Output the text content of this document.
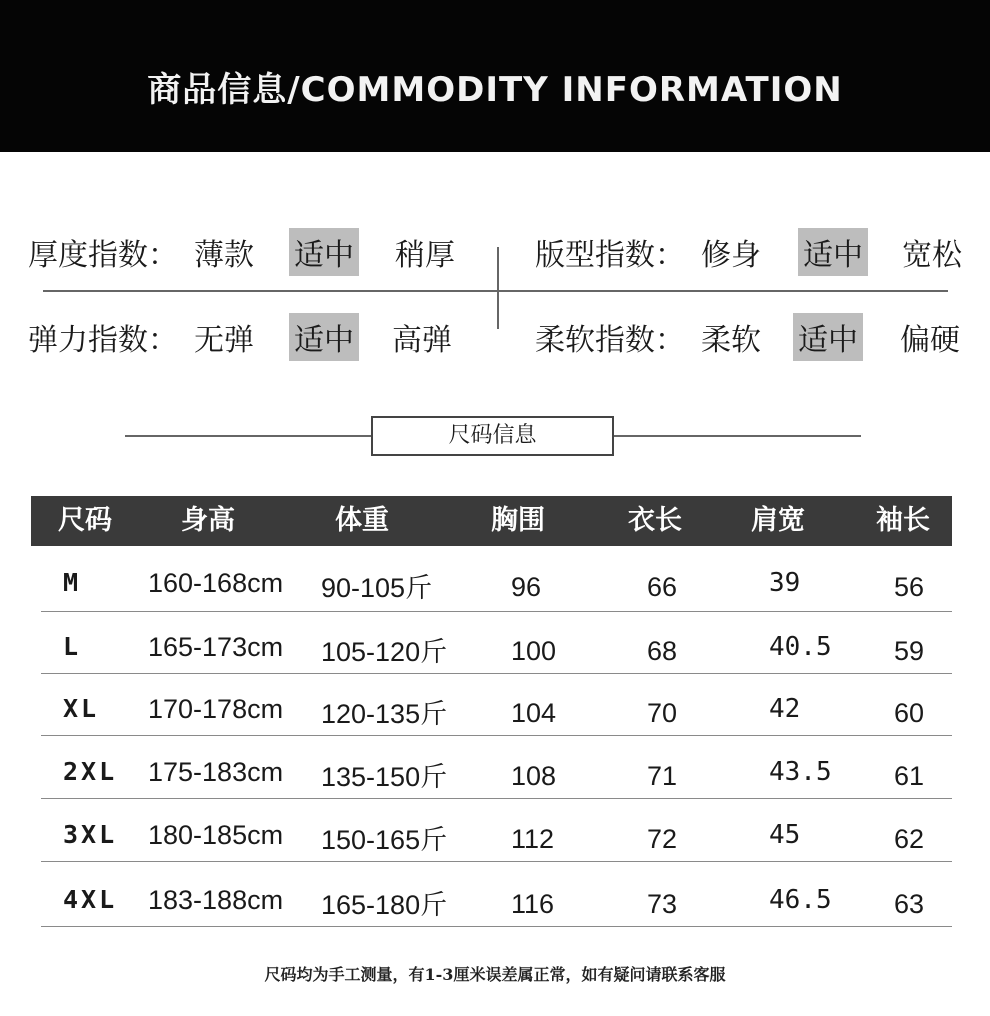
商品信息/COMMODITY INFORMATION
厚度指数： 薄款 适中 稍厚	版型指数： 修身 适中 宽松
弹力指数： 无弹 适中 高弹	柔软指数： 柔软 适中 偏硬
尺码信息
尺码	身高	体重	胸围	衣长	肩宽	袖长
M 160-168cm 90-105斤	96	66	39	56
L 165-173cm 105-120斤 100	68	40.5 59
XL 170-178cm 120-135斤 104	70	42	60
2XL 175-183cm 135-150斤 108	71	43.5 61
3XL 180-185cm 150-165斤 112	72	45	62
4XL 183-188cm 165-180斤 116	73	46.5 63
尺码均为手工测量，有1-3厘米误差属正常，如有疑问请联系客服
